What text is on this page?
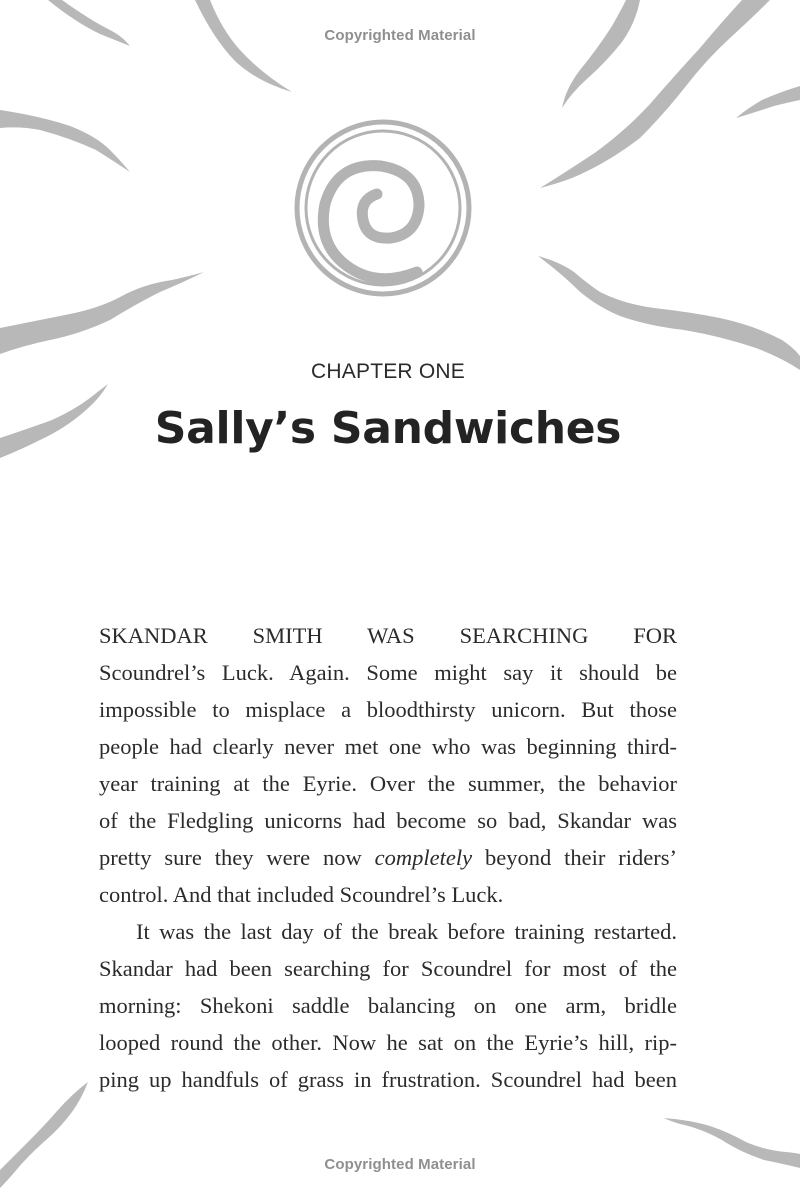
Copyrighted Material
CHAPTER ONE
Sally’s Sandwiches
SKANDAR SMITH WAS SEARCHING FOR
Scoundrel’s Luck. Again. Some might say it should be
impossible to misplace a bloodthirsty unicorn. But those
people had clearly never met one who was beginning third-
year training at the Eyrie. Over the summer, the behavior
of the Fledgling unicorns had become so bad, Skandar was
pretty sure they were now completely beyond their riders’
control. And that included Scoundrel’s Luck.
It was the last day of the break before training restarted.
Skandar had been searching for Scoundrel for most of the
morning: Shekoni saddle balancing on one arm, bridle
looped round the other. Now he sat on the Eyrie’s hill, rip-
ping up handfuls of grass in frustration. Scoundrel had been
Copyrighted Material
